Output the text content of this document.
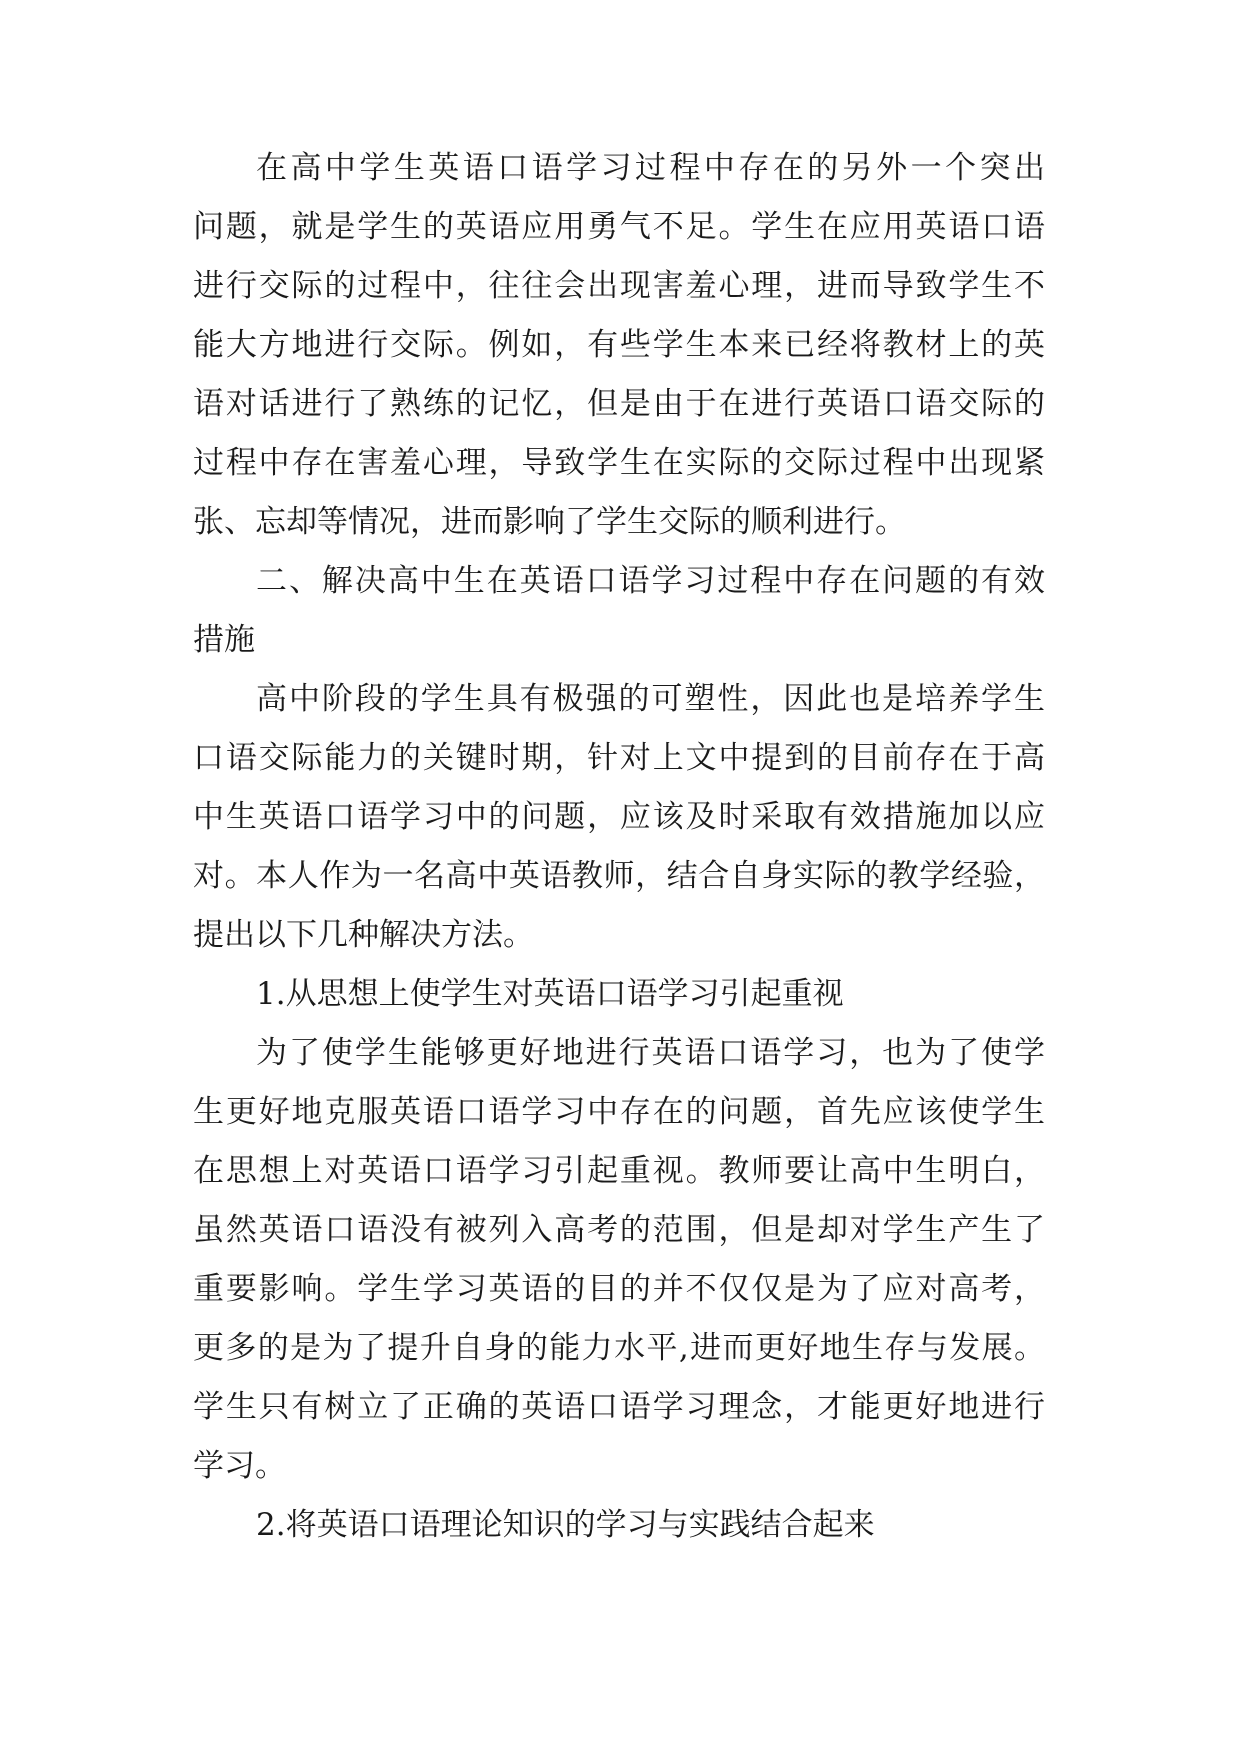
在高中学生英语口语学习过程中存在的另外一个突出

问题，就是学生的英语应用勇气不足。学生在应用英语口语

进行交际的过程中，往往会出现害羞心理，进而导致学生不

能大方地进行交际。例如，有些学生本来已经将教材上的英

语对话进行了熟练的记忆，但是由于在进行英语口语交际的

过程中存在害羞心理，导致学生在实际的交际过程中出现紧

张、忘却等情况，进而影响了学生交际的顺利进行。

二、解决高中生在英语口语学习过程中存在问题的有效

措施

高中阶段的学生具有极强的可塑性，因此也是培养学生

口语交际能力的关键时期，针对上文中提到的目前存在于高

中生英语口语学习中的问题，应该及时采取有效措施加以应

对。本人作为一名高中英语教师，结合自身实际的教学经验，

提出以下几种解决方法。

1.从思想上使学生对英语口语学习引起重视

为了使学生能够更好地进行英语口语学习，也为了使学

生更好地克服英语口语学习中存在的问题，首先应该使学生

在思想上对英语口语学习引起重视。教师要让高中生明白，

虽然英语口语没有被列入高考的范围，但是却对学生产生了

重要影响。学生学习英语的目的并不仅仅是为了应对高考，

更多的是为了提升自身的能力水平,进而更好地生存与发展。

学生只有树立了正确的英语口语学习理念，才能更好地进行

学习。

2.将英语口语理论知识的学习与实践结合起来
